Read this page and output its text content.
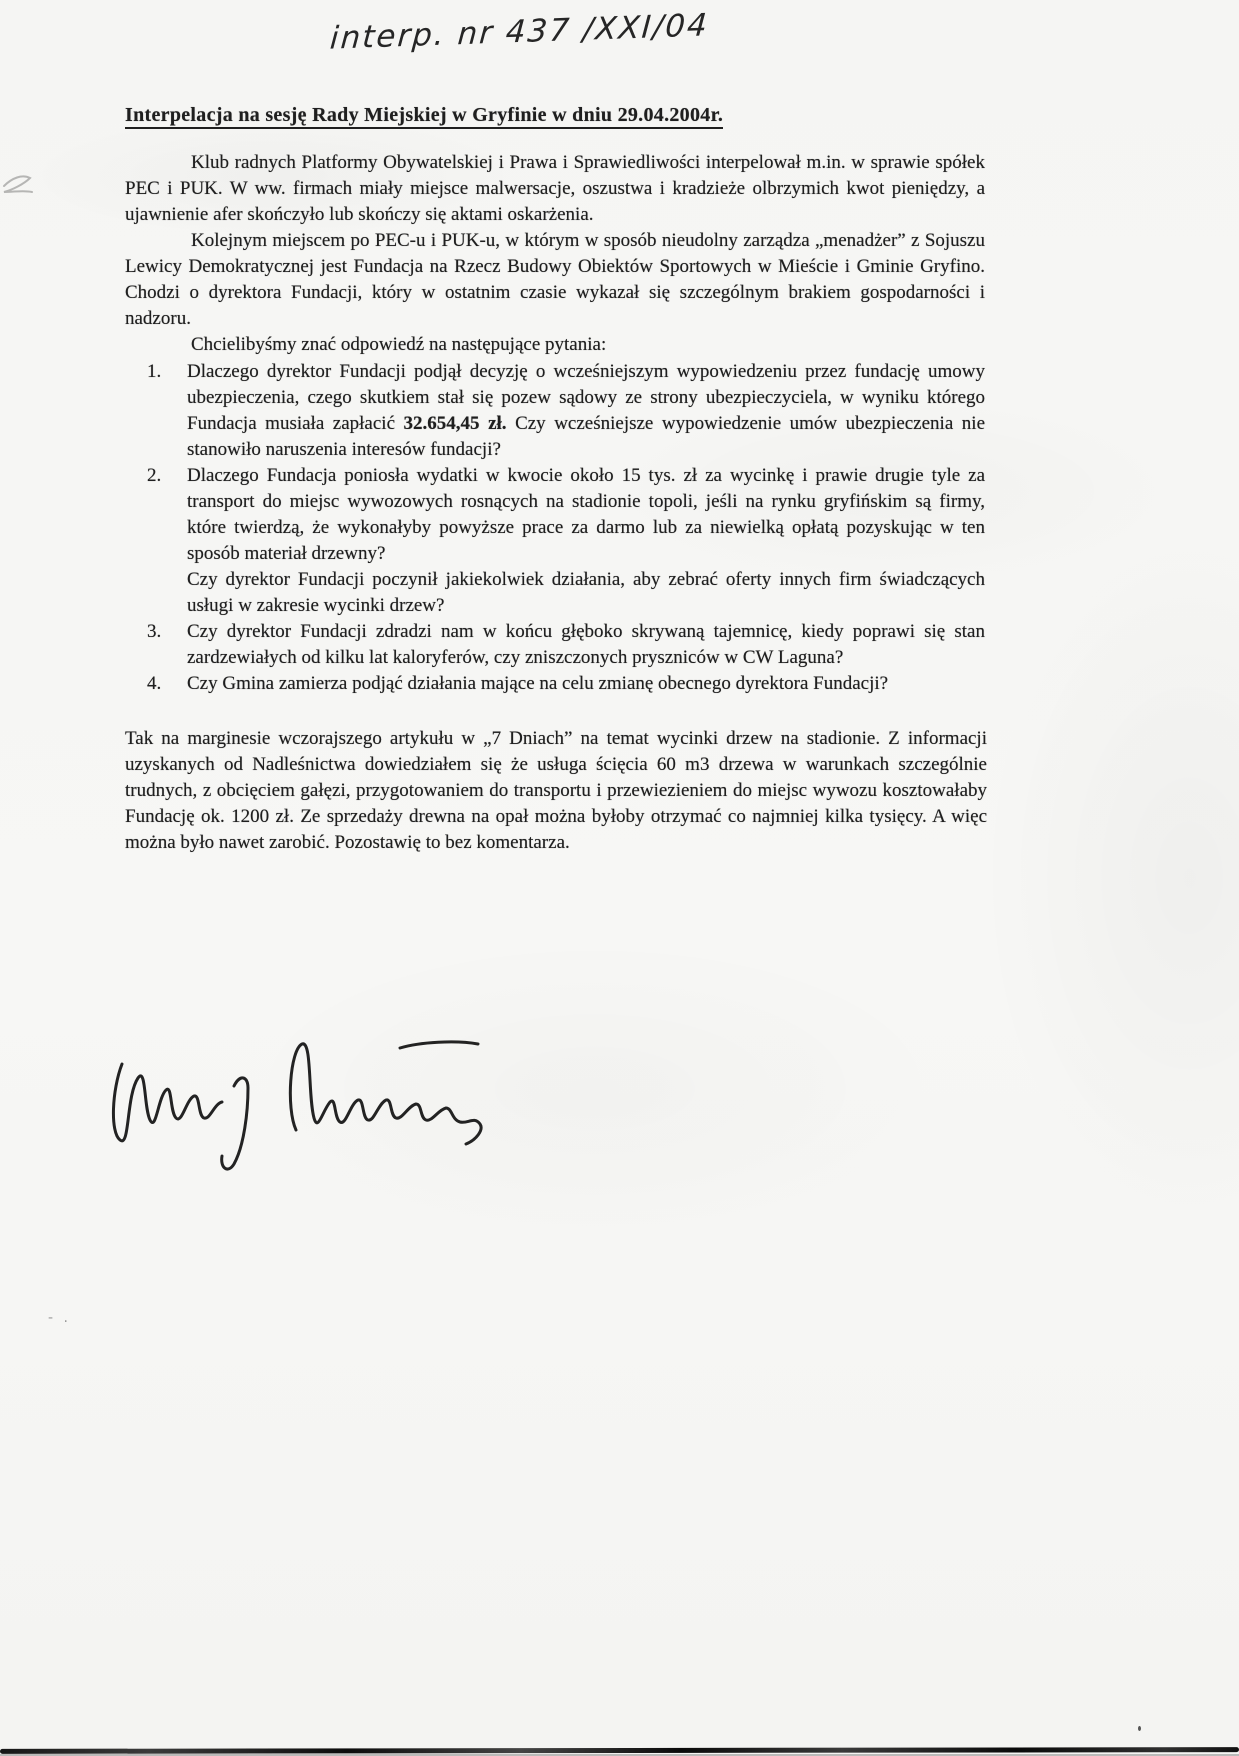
interp. nr 437 /XXI/04
Interpelacja na sesję Rady Miejskiej w Gryfinie w dniu 29.04.2004r.

Klub radnych Platformy Obywatelskiej i Prawa i Sprawiedliwości interpelował m.in. w sprawie spółek PEC i PUK. W ww. firmach miały miejsce malwersacje, oszustwa i kradzieże olbrzymich kwot pieniędzy, a ujawnienie afer skończyło lub skończy się aktami oskarżenia.

Kolejnym miejscem po PEC-u i PUK-u, w którym w sposób nieudolny zarządza „menadżer” z Sojuszu Lewicy Demokratycznej jest Fundacja na Rzecz Budowy Obiektów Sportowych w Mieście i Gminie Gryfino. Chodzi o dyrektora Fundacji, który w ostatnim czasie wykazał się szczególnym brakiem gospodarności i nadzoru.

Chcielibyśmy znać odpowiedź na następujące pytania:

1.	Dlaczego dyrektor Fundacji podjął decyzję o wcześniejszym wypowiedzeniu przez fundację umowy ubezpieczenia, czego skutkiem stał się pozew sądowy ze strony ubezpieczyciela, w wyniku którego Fundacja musiała zapłacić 32.654,45 zł. Czy wcześniejsze wypowiedzenie umów ubezpieczenia nie stanowiło naruszenia interesów fundacji?

2.	Dlaczego Fundacja poniosła wydatki w kwocie około 15 tys. zł za wycinkę i prawie drugie tyle za transport do miejsc wywozowych rosnących na stadionie topoli, jeśli na rynku gryfińskim są firmy, które twierdzą, że wykonałyby powyższe prace za darmo lub za niewielką opłatą pozyskując w ten sposób materiał drzewny?

Czy dyrektor Fundacji poczynił jakiekolwiek działania, aby zebrać oferty innych firm świadczących usługi w zakresie wycinki drzew?

3.	Czy dyrektor Fundacji zdradzi nam w końcu głęboko skrywaną tajemnicę, kiedy poprawi się stan zardzewiałych od kilku lat kaloryferów, czy zniszczonych pryszniców w CW Laguna?

4.	Czy Gmina zamierza podjąć działania mające na celu zmianę obecnego dyrektora Fundacji?

Tak na marginesie wczorajszego artykułu w „7 Dniach” na temat wycinki drzew na stadionie. Z informacji uzyskanych od Nadleśnictwa dowiedziałem się że usługa ścięcia 60 m3 drzewa w warunkach szczególnie trudnych, z obcięciem gałęzi, przygotowaniem do transportu i przewiezieniem do miejsc wywozu kosztowałaby Fundację ok. 1200 zł. Ze sprzedaży drewna na opał można byłoby otrzymać co najmniej kilka tysięcy. A więc można było nawet zarobić. Pozostawię to bez komentarza.

- .
